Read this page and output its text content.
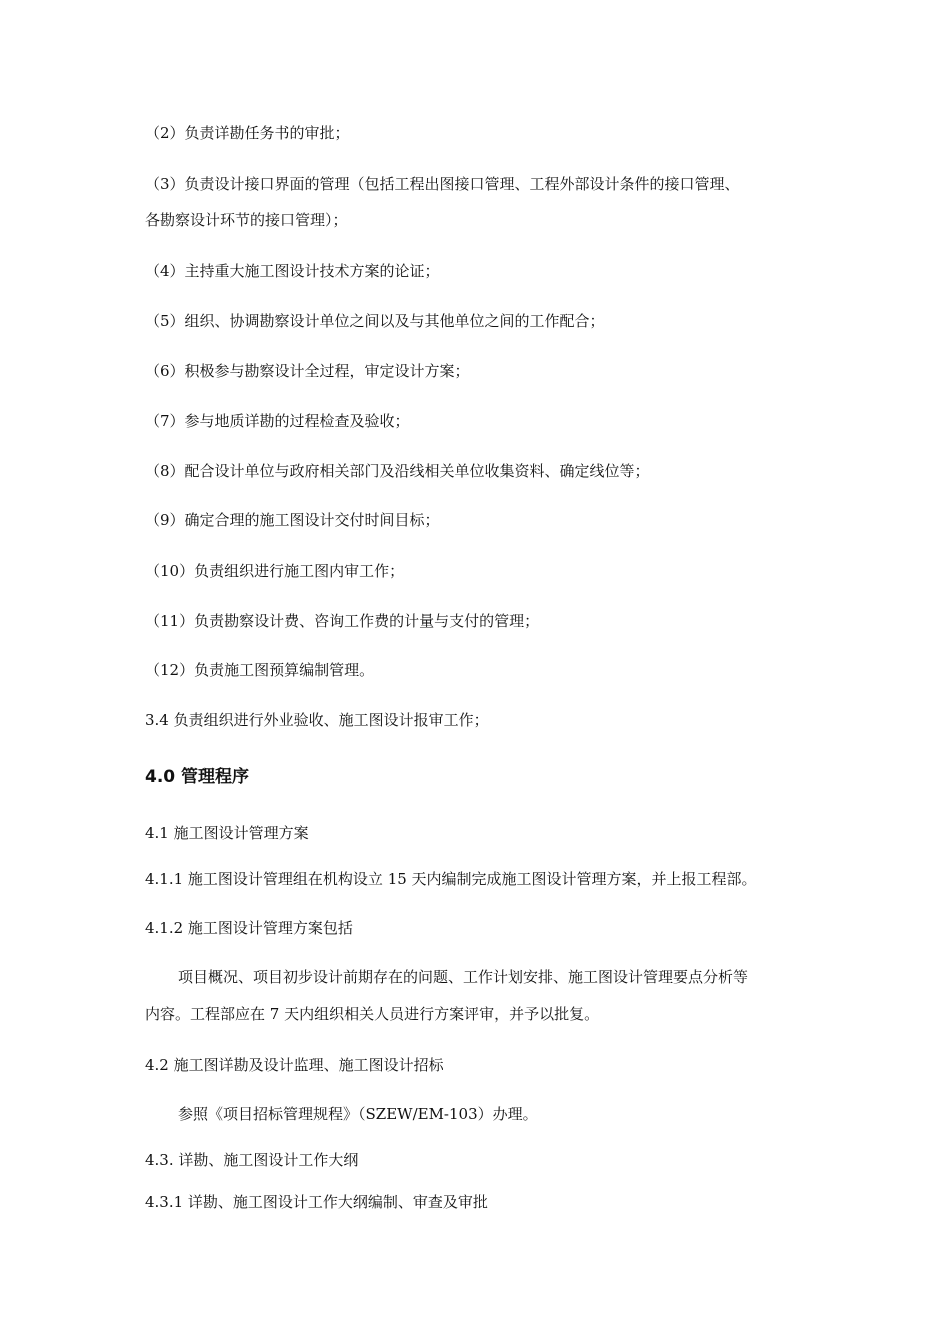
（2）负责详勘任务书的审批；
（3）负责设计接口界面的管理（包括工程出图接口管理、工程外部设计条件的接口管理、
各勘察设计环节的接口管理）；
（4）主持重大施工图设计技术方案的论证；
（5）组织、协调勘察设计单位之间以及与其他单位之间的工作配合；
（6）积极参与勘察设计全过程，审定设计方案；
（7）参与地质详勘的过程检查及验收；
（8）配合设计单位与政府相关部门及沿线相关单位收集资料、确定线位等；
（9）确定合理的施工图设计交付时间目标；
（10）负责组织进行施工图内审工作；
（11）负责勘察设计费、咨询工作费的计量与支付的管理；
（12）负责施工图预算编制管理。
3.4 负责组织进行外业验收、施工图设计报审工作；
4.0 管理程序
4.1 施工图设计管理方案
4.1.1 施工图设计管理组在机构设立 15 天内编制完成施工图设计管理方案，并上报工程部。
4.1.2 施工图设计管理方案包括
项目概况、项目初步设计前期存在的问题、工作计划安排、施工图设计管理要点分析等
内容。工程部应在 7 天内组织相关人员进行方案评审，并予以批复。
4.2 施工图详勘及设计监理、施工图设计招标
参照《项目招标管理规程》（SZEW/EM-103）办理。
4.3. 详勘、施工图设计工作大纲
4.3.1 详勘、施工图设计工作大纲编制、审查及审批
